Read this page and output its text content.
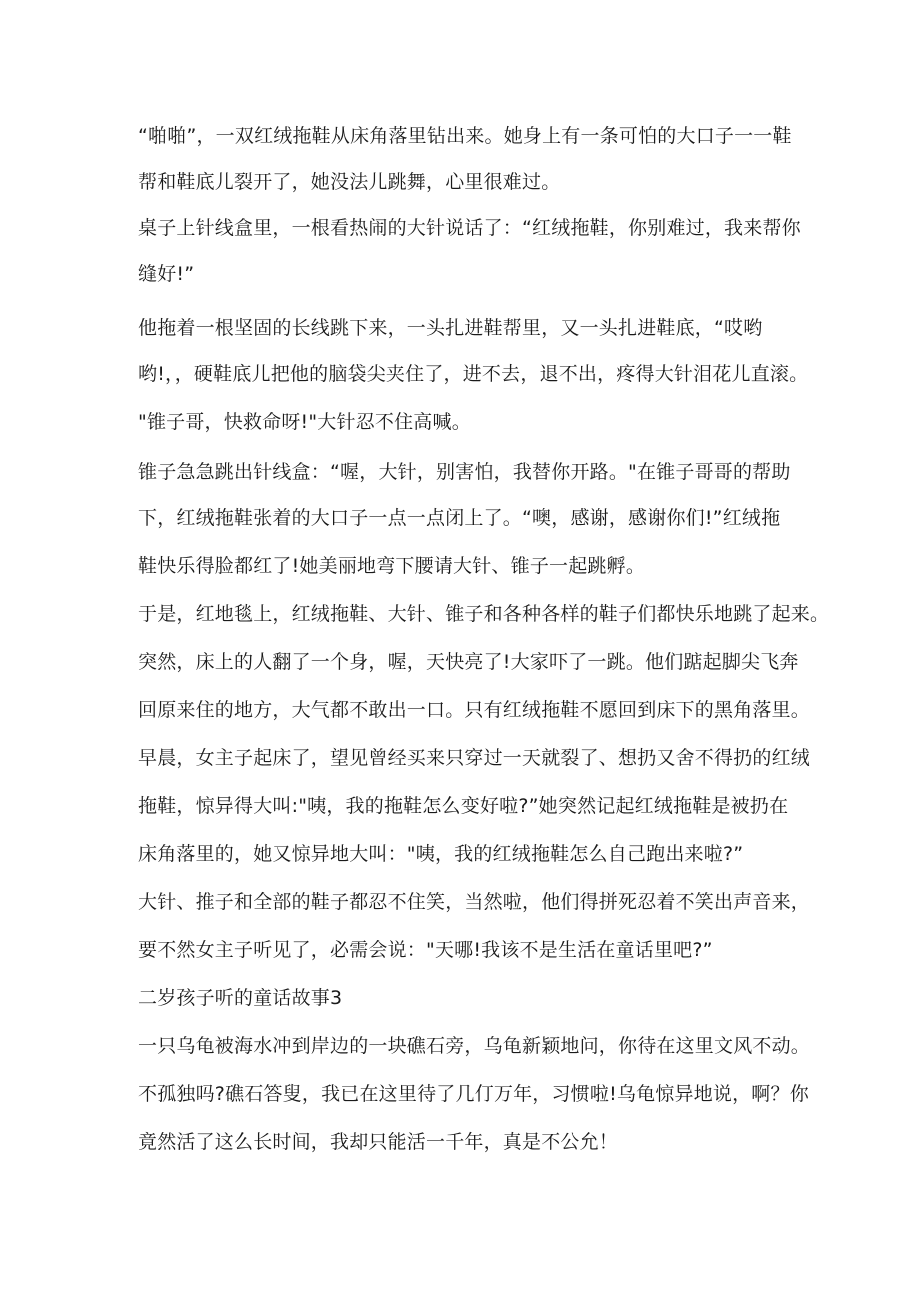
“啪啪”，一双红绒拖鞋从床角落里钻出来。她身上有一条可怕的大口子一一鞋
帮和鞋底儿裂开了，她没法儿跳舞，心里很难过。
桌子上针线盒里，一根看热闹的大针说话了：“红绒拖鞋，你别难过，我来帮你
缝好!”
他拖着一根坚固的长线跳下来，一头扎进鞋帮里，又一头扎进鞋底，“哎哟
哟!，，硬鞋底儿把他的脑袋尖夹住了，进不去，退不出，疼得大针泪花儿直滚。
"锥子哥，快救命呀!"大针忍不住高喊。
锥子急急跳出针线盒：“喔，大针，别害怕，我替你开路。"在锥子哥哥的帮助
下，红绒拖鞋张着的大口子一点一点闭上了。“噢，感谢，感谢你们!”红绒拖
鞋快乐得脸都红了!她美丽地弯下腰请大针、锥子一起跳孵。
于是，红地毯上，红绒拖鞋、大针、锥子和各种各样的鞋子们都快乐地跳了起来。
突然，床上的人翻了一个身，喔，天快亮了!大家吓了一跳。他们踮起脚尖飞奔
回原来住的地方，大气都不敢出一口。只有红绒拖鞋不愿回到床下的黑角落里。
早晨，女主子起床了，望见曾经买来只穿过一天就裂了、想扔又舍不得扔的红绒
拖鞋，惊异得大叫:"咦，我的拖鞋怎么变好啦?”她突然记起红绒拖鞋是被扔在
床角落里的，她又惊异地大叫："咦，我的红绒拖鞋怎么自己跑出来啦?”
大针、推子和全部的鞋子都忍不住笑，当然啦，他们得拼死忍着不笑出声音来，
要不然女主子听见了，必需会说："天哪!我该不是生活在童话里吧?”
二岁孩子听的童话故事3
一只乌龟被海水冲到岸边的一块礁石旁，乌龟新颖地问，你待在这里文风不动。
不孤独吗?礁石答叟，我已在这里待了几仃万年，习惯啦!乌龟惊异地说，啊？你
竟然活了这么长时间，我却只能活一千年，真是不公允！
